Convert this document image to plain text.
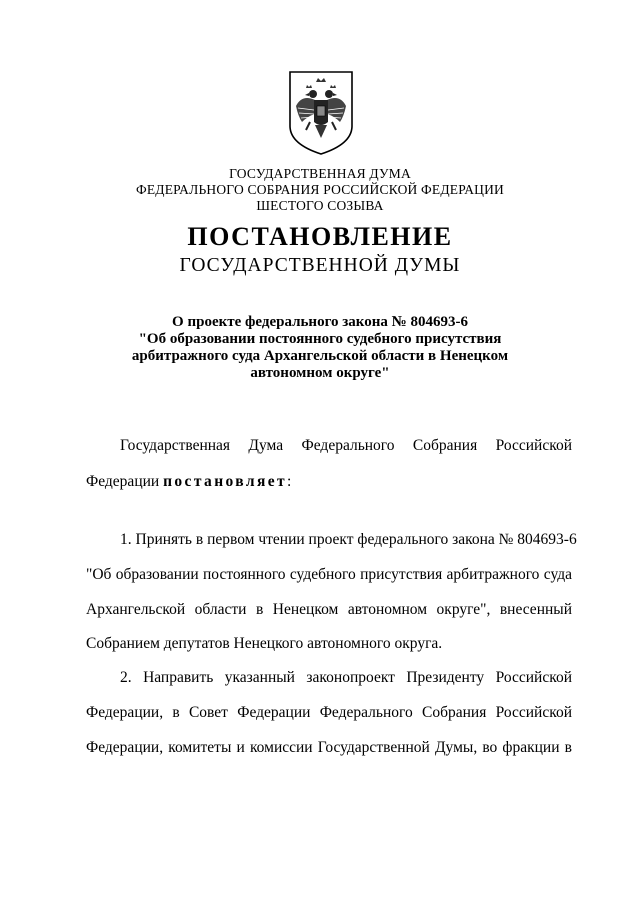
ГОСУДАРСТВЕННАЯ ДУМА
ФЕДЕРАЛЬНОГО СОБРАНИЯ РОССИЙСКОЙ ФЕДЕРАЦИИ
ШЕСТОГО СОЗЫВА
ПОСТАНОВЛЕНИЕ
ГОСУДАРСТВЕННОЙ ДУМЫ
О проекте федерального закона № 804693-6
"Об образовании постоянного судебного присутствия
арбитражного суда Архангельской области в Ненецком
автономном округе"
Государственная Дума Федерального Собрания Российской
Федерации постановляет:
1. Принять в первом чтении проект федерального закона № 804693-6
"Об образовании постоянного судебного присутствия арбитражного суда
Архангельской области в Ненецком автономном округе", внесенный
Собранием депутатов Ненецкого автономного округа.
2. Направить указанный законопроект Президенту Российской
Федерации, в Совет Федерации Федерального Собрания Российской
Федерации, комитеты и комиссии Государственной Думы, во фракции в
